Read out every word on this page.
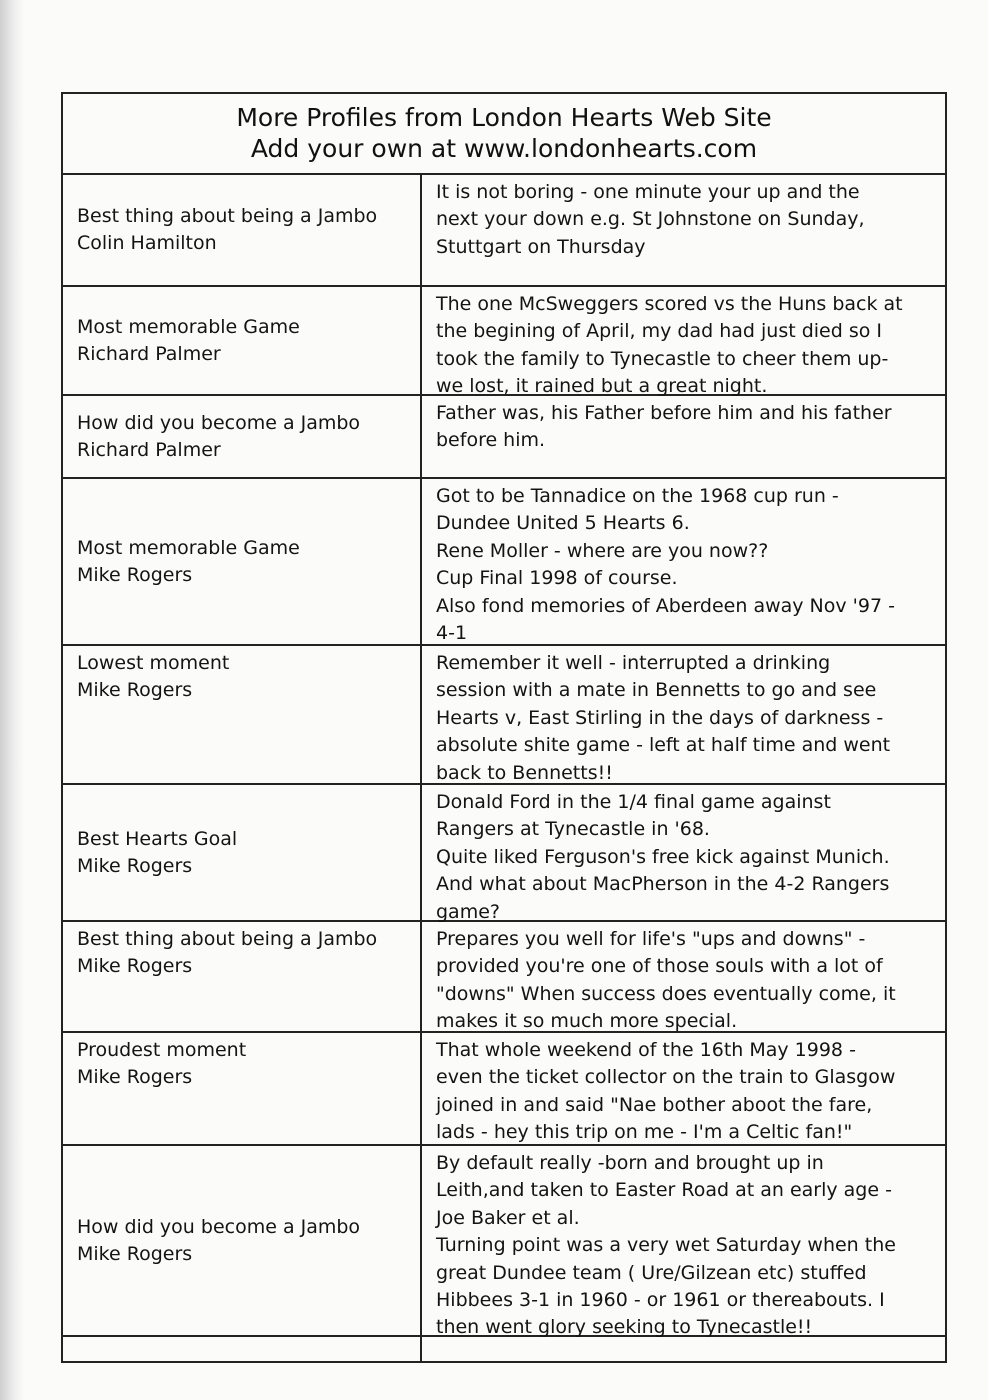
More Profiles from London Hearts Web Site
Add your own at www.londonhearts.com
Best thing about being a Jambo
Colin Hamilton
It is not boring - one minute your up and the
next your down e.g. St Johnstone on Sunday,
Stuttgart on Thursday
Most memorable Game
Richard Palmer
The one McSweggers scored vs the Huns back at
the begining of April, my dad had just died so I
took the family to Tynecastle to cheer them up-
we lost, it rained but a great night.
How did you become a Jambo
Richard Palmer
Father was, his Father before him and his father
before him.
Most memorable Game
Mike Rogers
Got to be Tannadice on the 1968 cup run -
Dundee United 5 Hearts 6.
Rene Moller - where are you now??
Cup Final 1998 of course.
Also fond memories of Aberdeen away Nov '97 -
4-1
Lowest moment
Mike Rogers
Remember it well - interrupted a drinking
session with a mate in Bennetts to go and see
Hearts v, East Stirling in the days of darkness -
absolute shite game - left at half time and went
back to Bennetts!!
Best Hearts Goal
Mike Rogers
Donald Ford in the 1/4 final game against
Rangers at Tynecastle in '68.
Quite liked Ferguson's free kick against Munich.
And what about MacPherson in the 4-2 Rangers
game?
Best thing about being a Jambo
Mike Rogers
Prepares you well for life's "ups and downs" -
provided you're one of those souls with a lot of
"downs" When success does eventually come, it
makes it so much more special.
Proudest moment
Mike Rogers
That whole weekend of the 16th May 1998 -
even the ticket collector on the train to Glasgow
joined in and said "Nae bother aboot the fare,
lads - hey this trip on me - I'm a Celtic fan!"
How did you become a Jambo
Mike Rogers
By default really -born and brought up in
Leith,and taken to Easter Road at an early age -
Joe Baker et al.
Turning point was a very wet Saturday when the
great Dundee team ( Ure/Gilzean etc) stuffed
Hibbees 3-1 in 1960 - or 1961 or thereabouts. I
then went glory seeking to Tynecastle!!
